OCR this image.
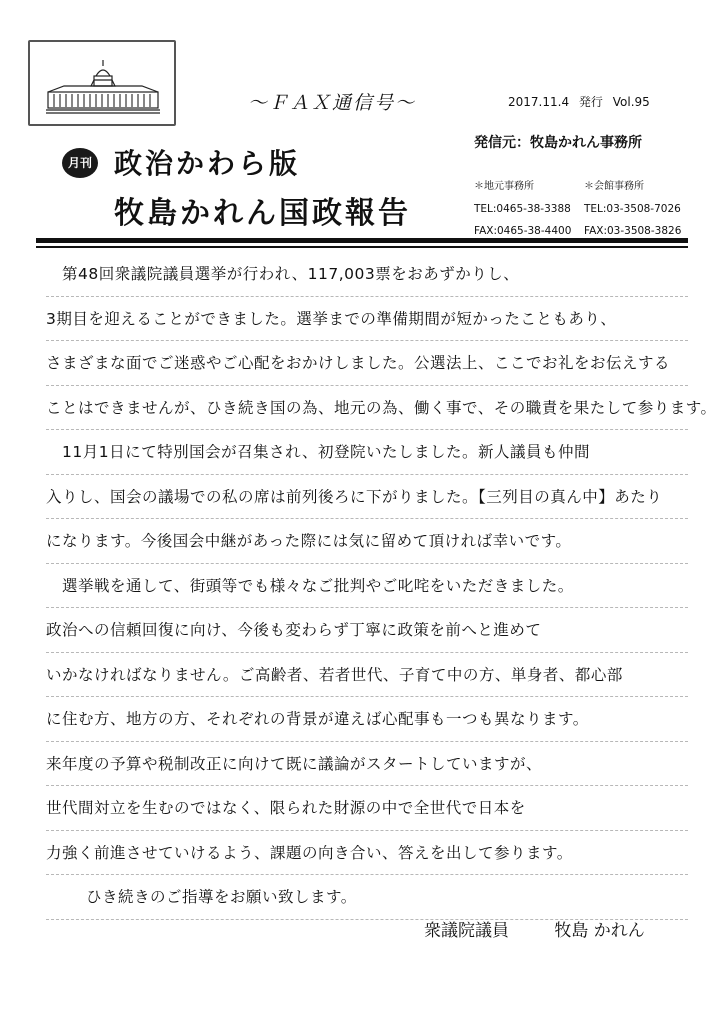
～ＦＡＸ通信号～	2017.11.4 発行 Vol.95
月刊 政治かわら版
牧島かれん国政報告
発信元：牧島かれん事務所
＊地元事務所
TEL:0465-38-3388
FAX:0465-38-4400
＊会館事務所
TEL:03-3508-7026
FAX:03-3508-3826
　第48回衆議院議員選挙が行われ、117,003票をおあずかりし、
3期目を迎えることができました。選挙までの準備期間が短かったこともあり、
さまざまな面でご迷惑やご心配をおかけしました。公選法上、ここでお礼をお伝えする
ことはできませんが、ひき続き国の為、地元の為、働く事で、その職責を果たして参ります。
　11月1日にて特別国会が召集され、初登院いたしました。新人議員も仲間
入りし、国会の議場での私の席は前列後ろに下がりました。【三列目の真ん中】あたり
になります。今後国会中継があった際には気に留めて頂ければ幸いです。
　選挙戦を通して、街頭等でも様々なご批判やご叱咤をいただきました。
政治への信頼回復に向け、今後も変わらず丁寧に政策を前へと進めて
いかなければなりません。ご高齢者、若者世代、子育て中の方、単身者、都心部
に住む方、地方の方、それぞれの背景が違えば心配事も一つも異なります。
来年度の予算や税制改正に向けて既に議論がスタートしていますが、
世代間対立を生むのではなく、限られた財源の中で全世代で日本を
力強く前進させていけるよう、課題の向き合い、答えを出して参ります。
ひき続きのご指導をお願い致します。
衆議院議員	牧島 かれん
